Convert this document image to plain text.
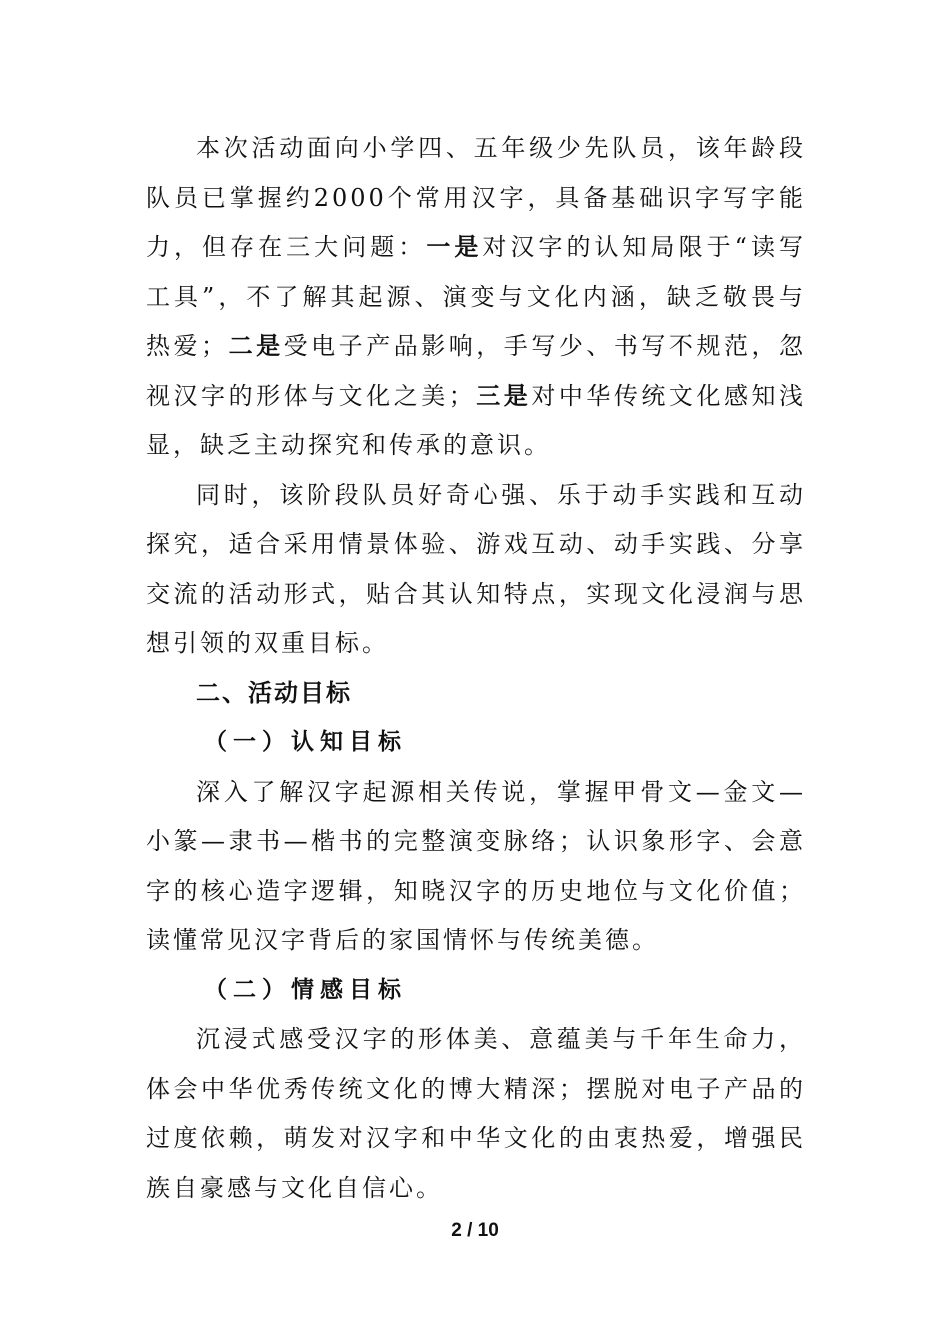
本次活动面向小学四、五年级少先队员，该年龄段队员已掌握约2000个常用汉字，具备基础识字写字能力，但存在三大问题：一是对汉字的认知局限于“读写工具”，不了解其起源、演变与文化内涵，缺乏敬畏与热爱；二是受电子产品影响，手写少、书写不规范，忽视汉字的形体与文化之美；三是对中华传统文化感知浅显，缺乏主动探究和传承的意识。

同时，该阶段队员好奇心强、乐于动手实践和互动探究，适合采用情景体验、游戏互动、动手实践、分享交流的活动形式，贴合其认知特点，实现文化浸润与思想引领的双重目标。

二、活动目标
（一）认知目标

深入了解汉字起源相关传说，掌握甲骨文—金文—小篆—隶书—楷书的完整演变脉络；认识象形字、会意字的核心造字逻辑，知晓汉字的历史地位与文化价值；读懂常见汉字背后的家国情怀与传统美德。

（二）情感目标

沉浸式感受汉字的形体美、意蕴美与千年生命力，体会中华优秀传统文化的博大精深；摆脱对电子产品的过度依赖，萌发对汉字和中华文化的由衷热爱，增强民族自豪感与文化自信心。

2 / 10
